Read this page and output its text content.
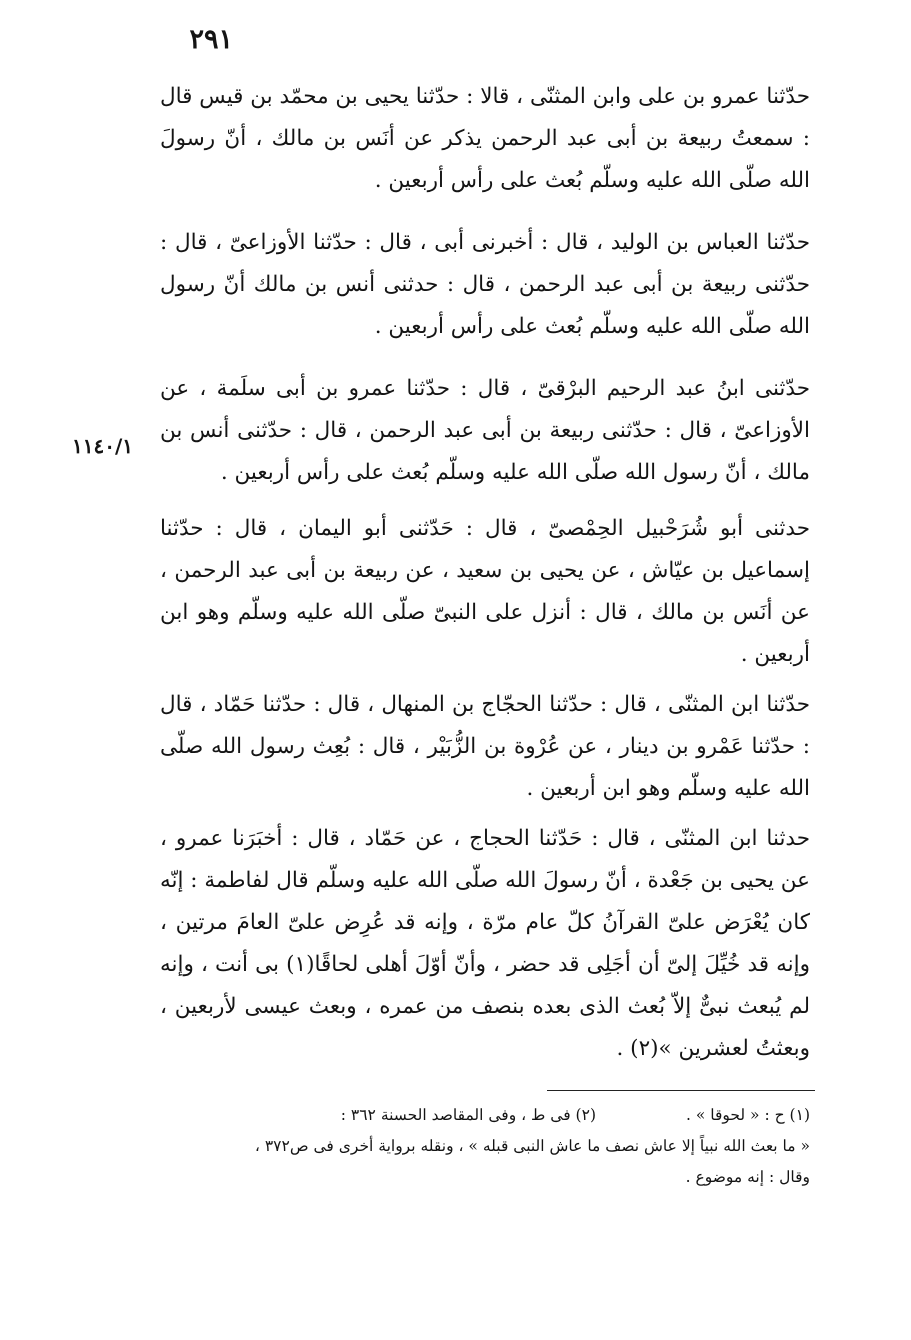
٢٩١
١١٤٠/١

حدّثنا عمرو بن على وابن المثنّى ، قالا : حدّثنا يحيى بن محمّد بن قيس قال : سمعتُ ربيعة بن أبى عبد الرحمن يذكر عن أنَس بن مالك ، أنّ رسولَ الله صلّى الله عليه وسلّم بُعث على رأس أربعين .

حدّثنا العباس بن الوليد ، قال : أخبرنى أبى ، قال : حدّثنا الأوزاعىّ ، قال : حدّثنى ربيعة بن أبى عبد الرحمن ، قال : حدثنى أنس بن مالك أنّ رسول الله صلّى الله عليه وسلّم بُعث على رأس أربعين .

حدّثنى ابنُ عبد الرحيم البرْقىّ ، قال : حدّثنا عمرو بن أبى سلَمة ، عن الأوزاعىّ ، قال : حدّثنى ربيعة بن أبى عبد الرحمن ، قال : حدّثنى أنس بن مالك ، أنّ رسول الله صلّى الله عليه وسلّم بُعث على رأس أربعين .

حدثنى أبو شُرَحْبيل الحِمْصىّ ، قال : حَدّثنى أبو اليمان ، قال : حدّثنا إسماعيل بن عيّاش ، عن يحيى بن سعيد ، عن ربيعة بن أبى عبد الرحمن ، عن أنَس بن مالك ، قال : أنزل على النبىّ صلّى الله عليه وسلّم وهو ابن أربعين .

حدّثنا ابن المثنّى ، قال : حدّثنا الحجّاج بن المنهال ، قال : حدّثنا حَمّاد ، قال : حدّثنا عَمْرو بن دينار ، عن عُرْوة بن الزُّبَيْر ، قال : بُعِث رسول الله صلّى الله عليه وسلّم وهو ابن أربعين .

حدثنا ابن المثنّى ، قال : حَدّثنا الحجاج ، عن حَمّاد ، قال : أخبَرَنا عمرو ، عن يحيى بن جَعْدة ، أنّ رسولَ الله صلّى الله عليه وسلّم قال لفاطمة : إنّه كان يُعْرَض علىّ القرآنُ كلّ عام مرّة ، وإنه قد عُرِض علىّ العامَ مرتين ، وإنه قد خُيِّلَ إلىّ أن أجَلِى قد حضر ، وأنّ أوّلَ أهلى لحاقًا(١) بى أنت ، وإنه لم يُبعث نبىٌّ إلاّ بُعث الذى بعده بنصف من عمره ، وبعث عيسى لأربعين ، وبعثتُ لعشرين »(٢) .

(١) ح : « لحوقا » .
(٢) فى ط ، وفى المقاصد الحسنة ٣٦٢ :

« ما بعث الله نبياً إلا عاش نصف ما عاش النبى قبله » ، ونقله برواية أخرى فى ص٣٧٢ ،

وقال : إنه موضوع .
